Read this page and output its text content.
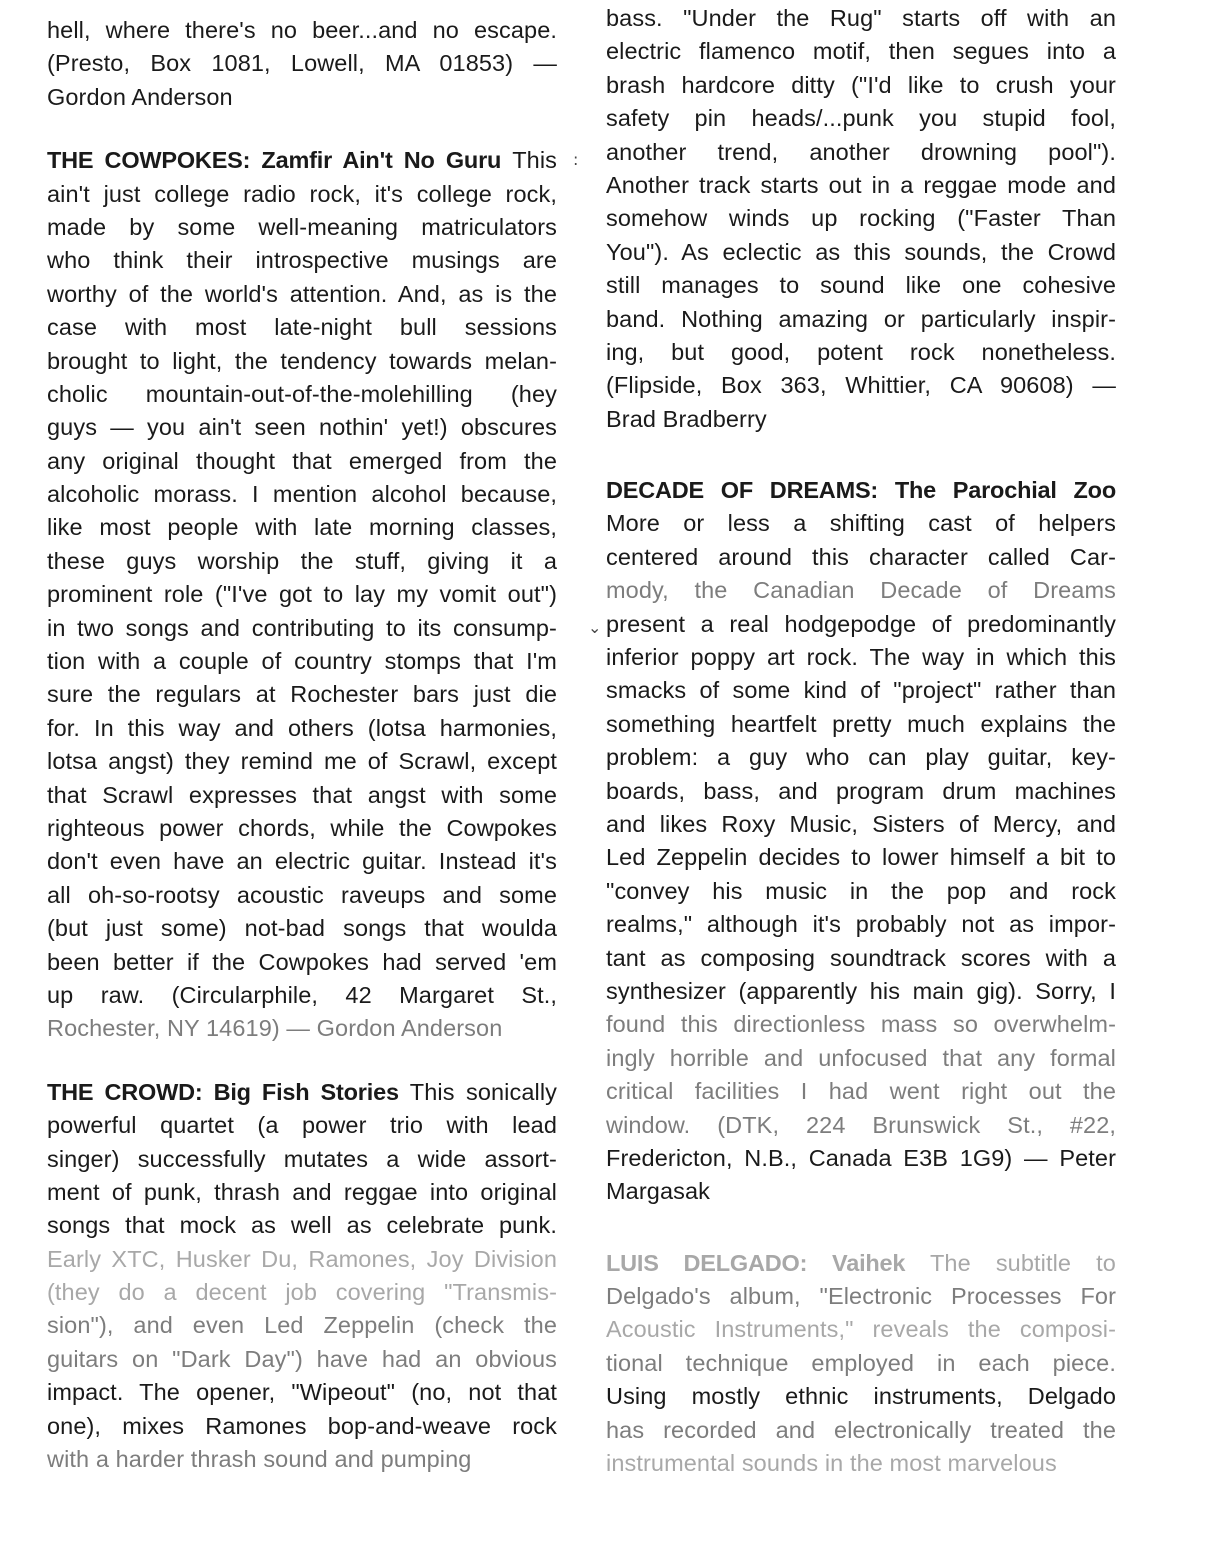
hell, where there's no beer...and no escape.
(Presto, Box 1081, Lowell, MA 01853) —
Gordon Anderson
THE COWPOKES: Zamfir Ain't No Guru This
ain't just college radio rock, it's college rock,
made by some well-meaning matriculators
who think their introspective musings are
worthy of the world's attention. And, as is the
case with most late-night bull sessions
brought to light, the tendency towards melan-
cholic mountain-out-of-the-molehilling (hey
guys — you ain't seen nothin' yet!) obscures
any original thought that emerged from the
alcoholic morass. I mention alcohol because,
like most people with late morning classes,
these guys worship the stuff, giving it a
prominent role ("I've got to lay my vomit out")
in two songs and contributing to its consump-
tion with a couple of country stomps that I'm
sure the regulars at Rochester bars just die
for. In this way and others (lotsa harmonies,
lotsa angst) they remind me of Scrawl, except
that Scrawl expresses that angst with some
righteous power chords, while the Cowpokes
don't even have an electric guitar. Instead it's
all oh-so-rootsy acoustic raveups and some
(but just some) not-bad songs that woulda
been better if the Cowpokes had served 'em
up raw. (Circularphile, 42 Margaret St.,
Rochester, NY 14619) — Gordon Anderson
THE CROWD: Big Fish Stories This sonically
powerful quartet (a power trio with lead
singer) successfully mutates a wide assort-
ment of punk, thrash and reggae into original
songs that mock as well as celebrate punk.
Early XTC, Husker Du, Ramones, Joy Division
(they do a decent job covering "Transmis-
sion"), and even Led Zeppelin (check the
guitars on "Dark Day") have had an obvious
impact. The opener, "Wipeout" (no, not that
one), mixes Ramones bop-and-weave rock
with a harder thrash sound and pumping
bass. "Under the Rug" starts off with an
electric flamenco motif, then segues into a
brash hardcore ditty ("I'd like to crush your
safety pin heads/...punk you stupid fool,
another trend, another drowning pool").
Another track starts out in a reggae mode and
somehow winds up rocking ("Faster Than
You"). As eclectic as this sounds, the Crowd
still manages to sound like one cohesive
band. Nothing amazing or particularly inspir-
ing, but good, potent rock nonetheless.
(Flipside, Box 363, Whittier, CA 90608) —
Brad Bradberry
DECADE OF DREAMS: The Parochial Zoo
More or less a shifting cast of helpers
centered around this character called Car-
mody, the Canadian Decade of Dreams
present a real hodgepodge of predominantly
inferior poppy art rock. The way in which this
smacks of some kind of "project" rather than
something heartfelt pretty much explains the
problem: a guy who can play guitar, key-
boards, bass, and program drum machines
and likes Roxy Music, Sisters of Mercy, and
Led Zeppelin decides to lower himself a bit to
"convey his music in the pop and rock
realms," although it's probably not as impor-
tant as composing soundtrack scores with a
synthesizer (apparently his main gig). Sorry, I
found this directionless mass so overwhelm-
ingly horrible and unfocused that any formal
critical facilities I had went right out the
window. (DTK, 224 Brunswick St., #22,
Fredericton, N.B., Canada E3B 1G9) — Peter
Margasak
LUIS DELGADO: Vaihek The subtitle to
Delgado's album, "Electronic Processes For
Acoustic Instruments," reveals the composi-
tional technique employed in each piece.
Using mostly ethnic instruments, Delgado
has recorded and electronically treated the
instrumental sounds in the most marvelous
:
⌄
